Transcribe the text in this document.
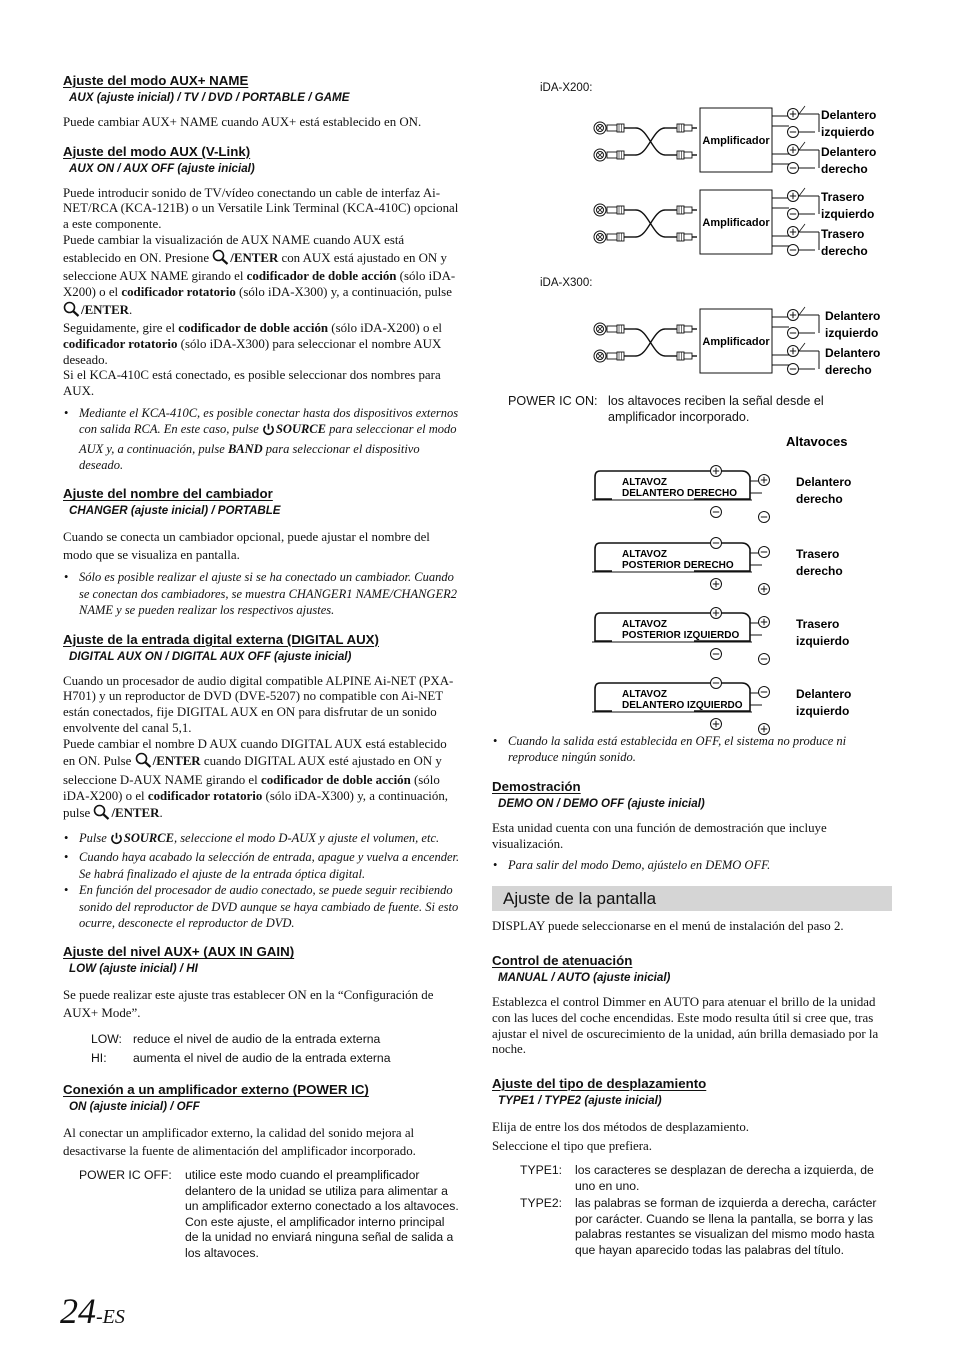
Ajuste del modo AUX+ NAME
AUX (ajuste inicial) / TV / DVD / PORTABLE / GAME

Puede cambiar AUX+ NAME cuando AUX+ está establecido en ON.

Ajuste del modo AUX (V-Link)
AUX ON / AUX OFF (ajuste inicial)

Puede introducir sonido de TV/vídeo conectando un cable de interfaz Ai-NET/RCA (KCA-121B) o un Versatile Link Terminal (KCA-410C) opcional a este componente.

Puede cambiar la visualización de AUX NAME cuando AUX está establecido en ON. Presione /ENTER con AUX está ajustado en ON y seleccione AUX NAME girando el codificador de doble acción (sólo iDA-X200) o el codificador rotatorio (sólo iDA-X300) y, a continuación, pulse /ENTER.

Seguidamente, gire el codificador de doble acción (sólo iDA-X200) o el codificador rotatorio (sólo iDA-X300) para seleccionar el nombre AUX deseado.

Si el KCA-410C está conectado, es posible seleccionar dos nombres para AUX.

• Mediante el KCA-410C, es posible conectar hasta dos dispositivos externos con salida RCA. En este caso, pulse SOURCE para seleccionar el modo AUX y, a continuación, pulse BAND para seleccionar el dispositivo deseado.
Ajuste del nombre del cambiador
CHANGER (ajuste inicial) / PORTABLE

Cuando se conecta un cambiador opcional, puede ajustar el nombre del modo que se visualiza en pantalla.

• Sólo es posible realizar el ajuste si se ha conectado un cambiador. Cuando se conectan dos cambiadores, se muestra CHANGER1 NAME/CHANGER2 NAME y se pueden realizar los respectivos ajustes.
Ajuste de la entrada digital externa (DIGITAL AUX)
DIGITAL AUX ON / DIGITAL AUX OFF (ajuste inicial)

Cuando un procesador de audio digital compatible ALPINE Ai-NET (PXA-H701) y un reproductor de DVD (DVE-5207) no compatible con Ai-NET están conectados, fije DIGITAL AUX en ON para disfrutar de un sonido envolvente del canal 5,1.

Puede cambiar el nombre D AUX cuando DIGITAL AUX está establecido en ON. Pulse /ENTER cuando DIGITAL AUX esté ajustado en ON y seleccione D-AUX NAME girando el codificador de doble acción (sólo iDA-X200) o el codificador rotatorio (sólo iDA-X300) y, a continuación, pulse /ENTER.

• Pulse SOURCE, seleccione el modo D-AUX y ajuste el volumen, etc.
• Cuando haya acabado la selección de entrada, apague y vuelva a encender. Se habrá finalizado el ajuste de la entrada óptica digital.
• En función del procesador de audio conectado, se puede seguir recibiendo sonido del reproductor de DVD aunque se haya cambiado de fuente. Si esto ocurre, desconecte el reproductor de DVD.
Ajuste del nivel AUX+ (AUX IN GAIN)
LOW (ajuste inicial) / HI

Se puede realizar este ajuste tras establecer ON en la “Configuración de AUX+ Mode”.

LOW: reduce el nivel de audio de la entrada externa
HI:	aumenta el nivel de audio de la entrada externa
Conexión a un amplificador externo (POWER IC)
ON (ajuste inicial) / OFF

Al conectar un amplificador externo, la calidad del sonido mejora al desactivarse la fuente de alimentación del amplificador incorporado.

POWER IC OFF:	utilice este modo cuando el preamplificador delantero de la unidad se utiliza para alimentar a un amplificador externo conectado a los altavoces. Con este ajuste, el amplificador interno principal de la unidad no enviará ninguna señal de salida a los altavoces.
iDA-X200:
Amplificador
Delantero
izquierdo
Delantero
derecho
Amplificador
Trasero
izquierdo
Trasero
derecho
iDA-X300:
Amplificador
Delantero
izquierdo
Delantero
derecho
POWER IC ON: los altavoces reciben la señal desde el amplificador incorporado.
Altavoces
ALTAVOZ
DELANTERO DERECHO
Delantero
derecho
ALTAVOZ
POSTERIOR DERECHO
Trasero
derecho
ALTAVOZ
POSTERIOR IZQUIERDO
Trasero
izquierdo
ALTAVOZ
DELANTERO IZQUIERDO
Delantero
izquierdo
• Cuando la salida está establecida en OFF, el sistema no produce ni reproduce ningún sonido.
Demostración
DEMO ON / DEMO OFF (ajuste inicial)

Esta unidad cuenta con una función de demostración que incluye visualización.

• Para salir del modo Demo, ajústelo en DEMO OFF.
Ajuste de la pantalla

DISPLAY puede seleccionarse en el menú de instalación del paso 2.

Control de atenuación
MANUAL / AUTO (ajuste inicial)

Establezca el control Dimmer en AUTO para atenuar el brillo de la unidad con las luces del coche encendidas. Este modo resulta útil si cree que, tras ajustar el nivel de oscurecimiento de la unidad, aún brilla demasiado por la noche.

Ajuste del tipo de desplazamiento
TYPE1 / TYPE2 (ajuste inicial)

Elija de entre los dos métodos de desplazamiento.

Seleccione el tipo que prefiera.

TYPE1:	los caracteres se desplazan de derecha a izquierda, de uno en uno.
TYPE2:	las palabras se forman de izquierda a derecha, carácter por carácter. Cuando se llena la pantalla, se borra y las palabras restantes se visualizan del mismo modo hasta que hayan aparecido todas las palabras del título.
24-ES
